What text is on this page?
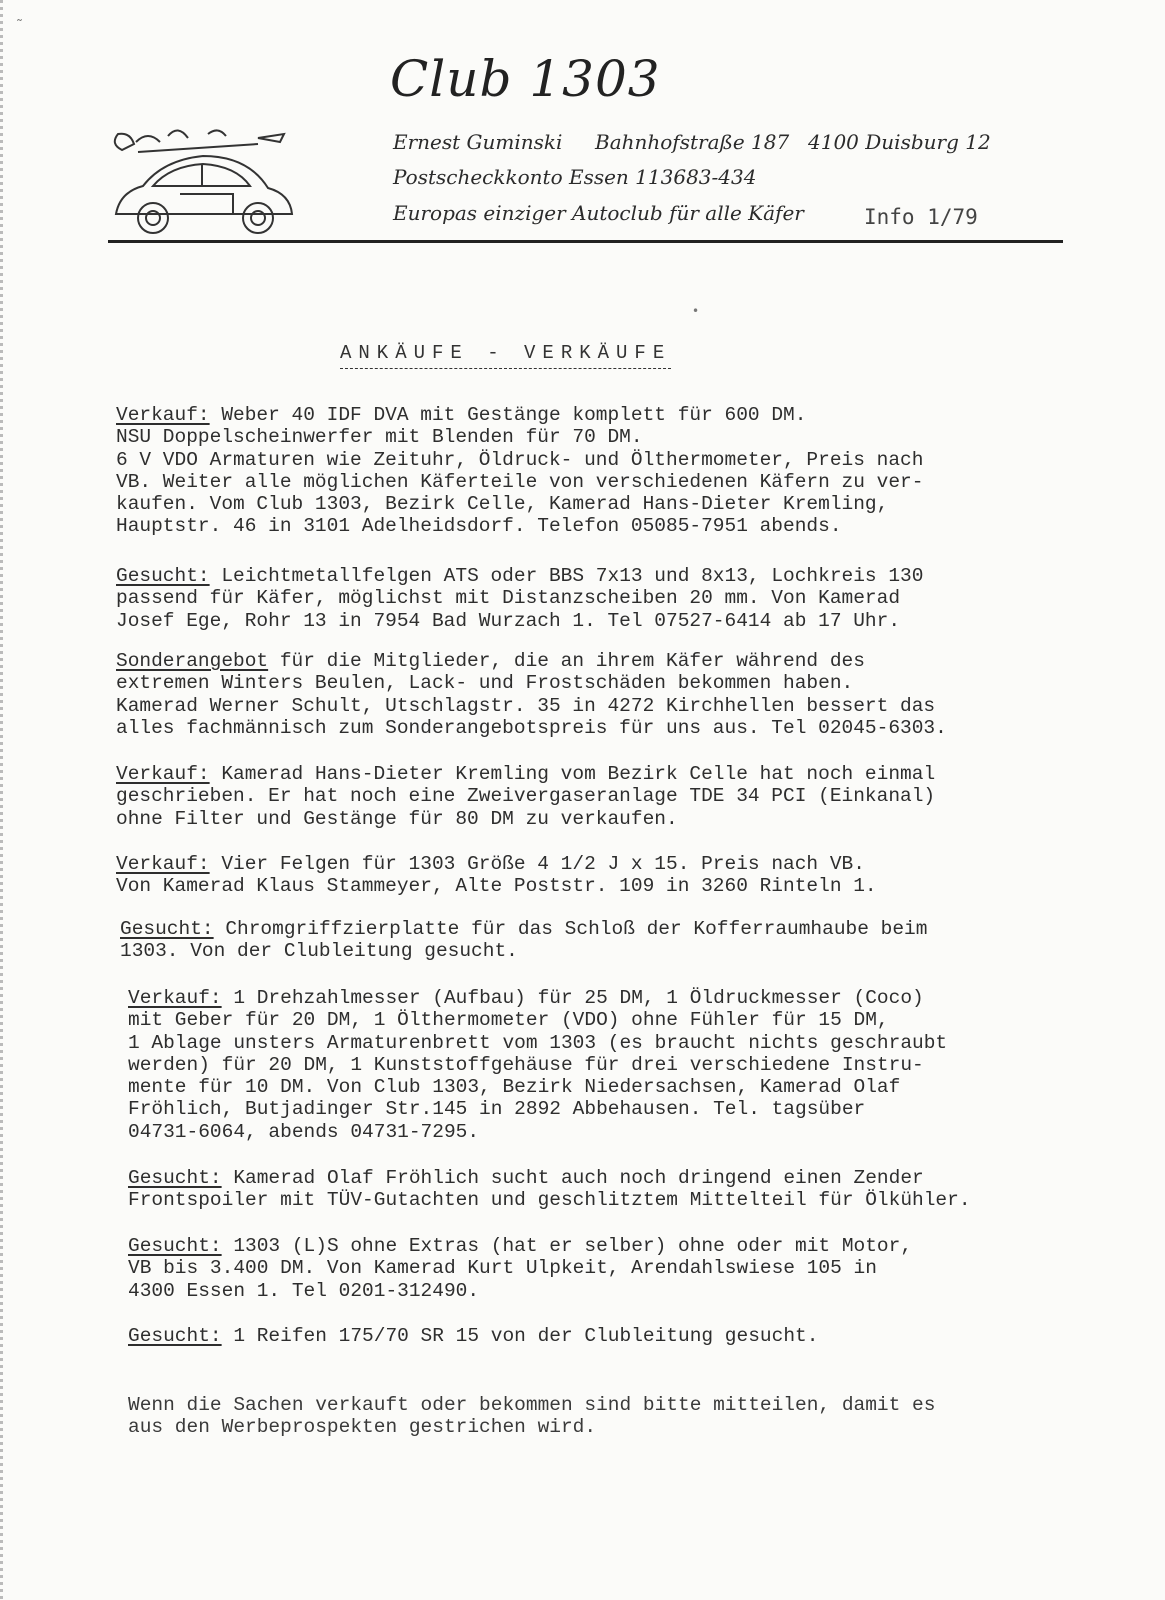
Club 1303
Ernest Guminski Bahnhofstraße 187 4100 Duisburg 12
Postscheckkonto Essen 113683-434
Europas einziger Autoclub für alle Käfer	Info 1/79
˜
•
ANKÄUFE - VERKÄUFE
Verkauf: Weber 40 IDF DVA mit Gestänge komplett für 600 DM.
NSU Doppelscheinwerfer mit Blenden für 70 DM.
6 V VDO Armaturen wie Zeituhr, Öldruck- und Ölthermometer, Preis nach
VB. Weiter alle möglichen Käferteile von verschiedenen Käfern zu ver-
kaufen. Vom Club 1303, Bezirk Celle, Kamerad Hans-Dieter Kremling,
Hauptstr. 46 in 3101 Adelheidsdorf. Telefon 05085-7951 abends.
Gesucht: Leichtmetallfelgen ATS oder BBS 7x13 und 8x13, Lochkreis 130
passend für Käfer, möglichst mit Distanzscheiben 20 mm. Von Kamerad
Josef Ege, Rohr 13 in 7954 Bad Wurzach 1. Tel 07527-6414 ab 17 Uhr.
Sonderangebot für die Mitglieder, die an ihrem Käfer während des
extremen Winters Beulen, Lack- und Frostschäden bekommen haben.
Kamerad Werner Schult, Utschlagstr. 35 in 4272 Kirchhellen bessert das
alles fachmännisch zum Sonderangebotspreis für uns aus. Tel 02045-6303.
Verkauf: Kamerad Hans-Dieter Kremling vom Bezirk Celle hat noch einmal
geschrieben. Er hat noch eine Zweivergaseranlage TDE 34 PCI (Einkanal)
ohne Filter und Gestänge für 80 DM zu verkaufen.
Verkauf: Vier Felgen für 1303 Größe 4 1/2 J x 15. Preis nach VB.
Von Kamerad Klaus Stammeyer, Alte Poststr. 109 in 3260 Rinteln 1.
Gesucht: Chromgriffzierplatte für das Schloß der Kofferraumhaube beim
1303. Von der Clubleitung gesucht.
Verkauf: 1 Drehzahlmesser (Aufbau) für 25 DM, 1 Öldruckmesser (Coco)
mit Geber für 20 DM, 1 Ölthermometer (VDO) ohne Fühler für 15 DM,
1 Ablage unsters Armaturenbrett vom 1303 (es braucht nichts geschraubt
werden) für 20 DM, 1 Kunststoffgehäuse für drei verschiedene Instru-
mente für 10 DM. Von Club 1303, Bezirk Niedersachsen, Kamerad Olaf
Fröhlich, Butjadinger Str.145 in 2892 Abbehausen. Tel. tagsüber
04731-6064, abends 04731-7295.
Gesucht: Kamerad Olaf Fröhlich sucht auch noch dringend einen Zender
Frontspoiler mit TÜV-Gutachten und geschlitztem Mittelteil für Ölkühler.
Gesucht: 1303 (L)S ohne Extras (hat er selber) ohne oder mit Motor,
VB bis 3.400 DM. Von Kamerad Kurt Ulpkeit, Arendahlswiese 105 in
4300 Essen 1. Tel 0201-312490.
Gesucht: 1 Reifen 175/70 SR 15 von der Clubleitung gesucht.
Wenn die Sachen verkauft oder bekommen sind bitte mitteilen, damit es
aus den Werbeprospekten gestrichen wird.
